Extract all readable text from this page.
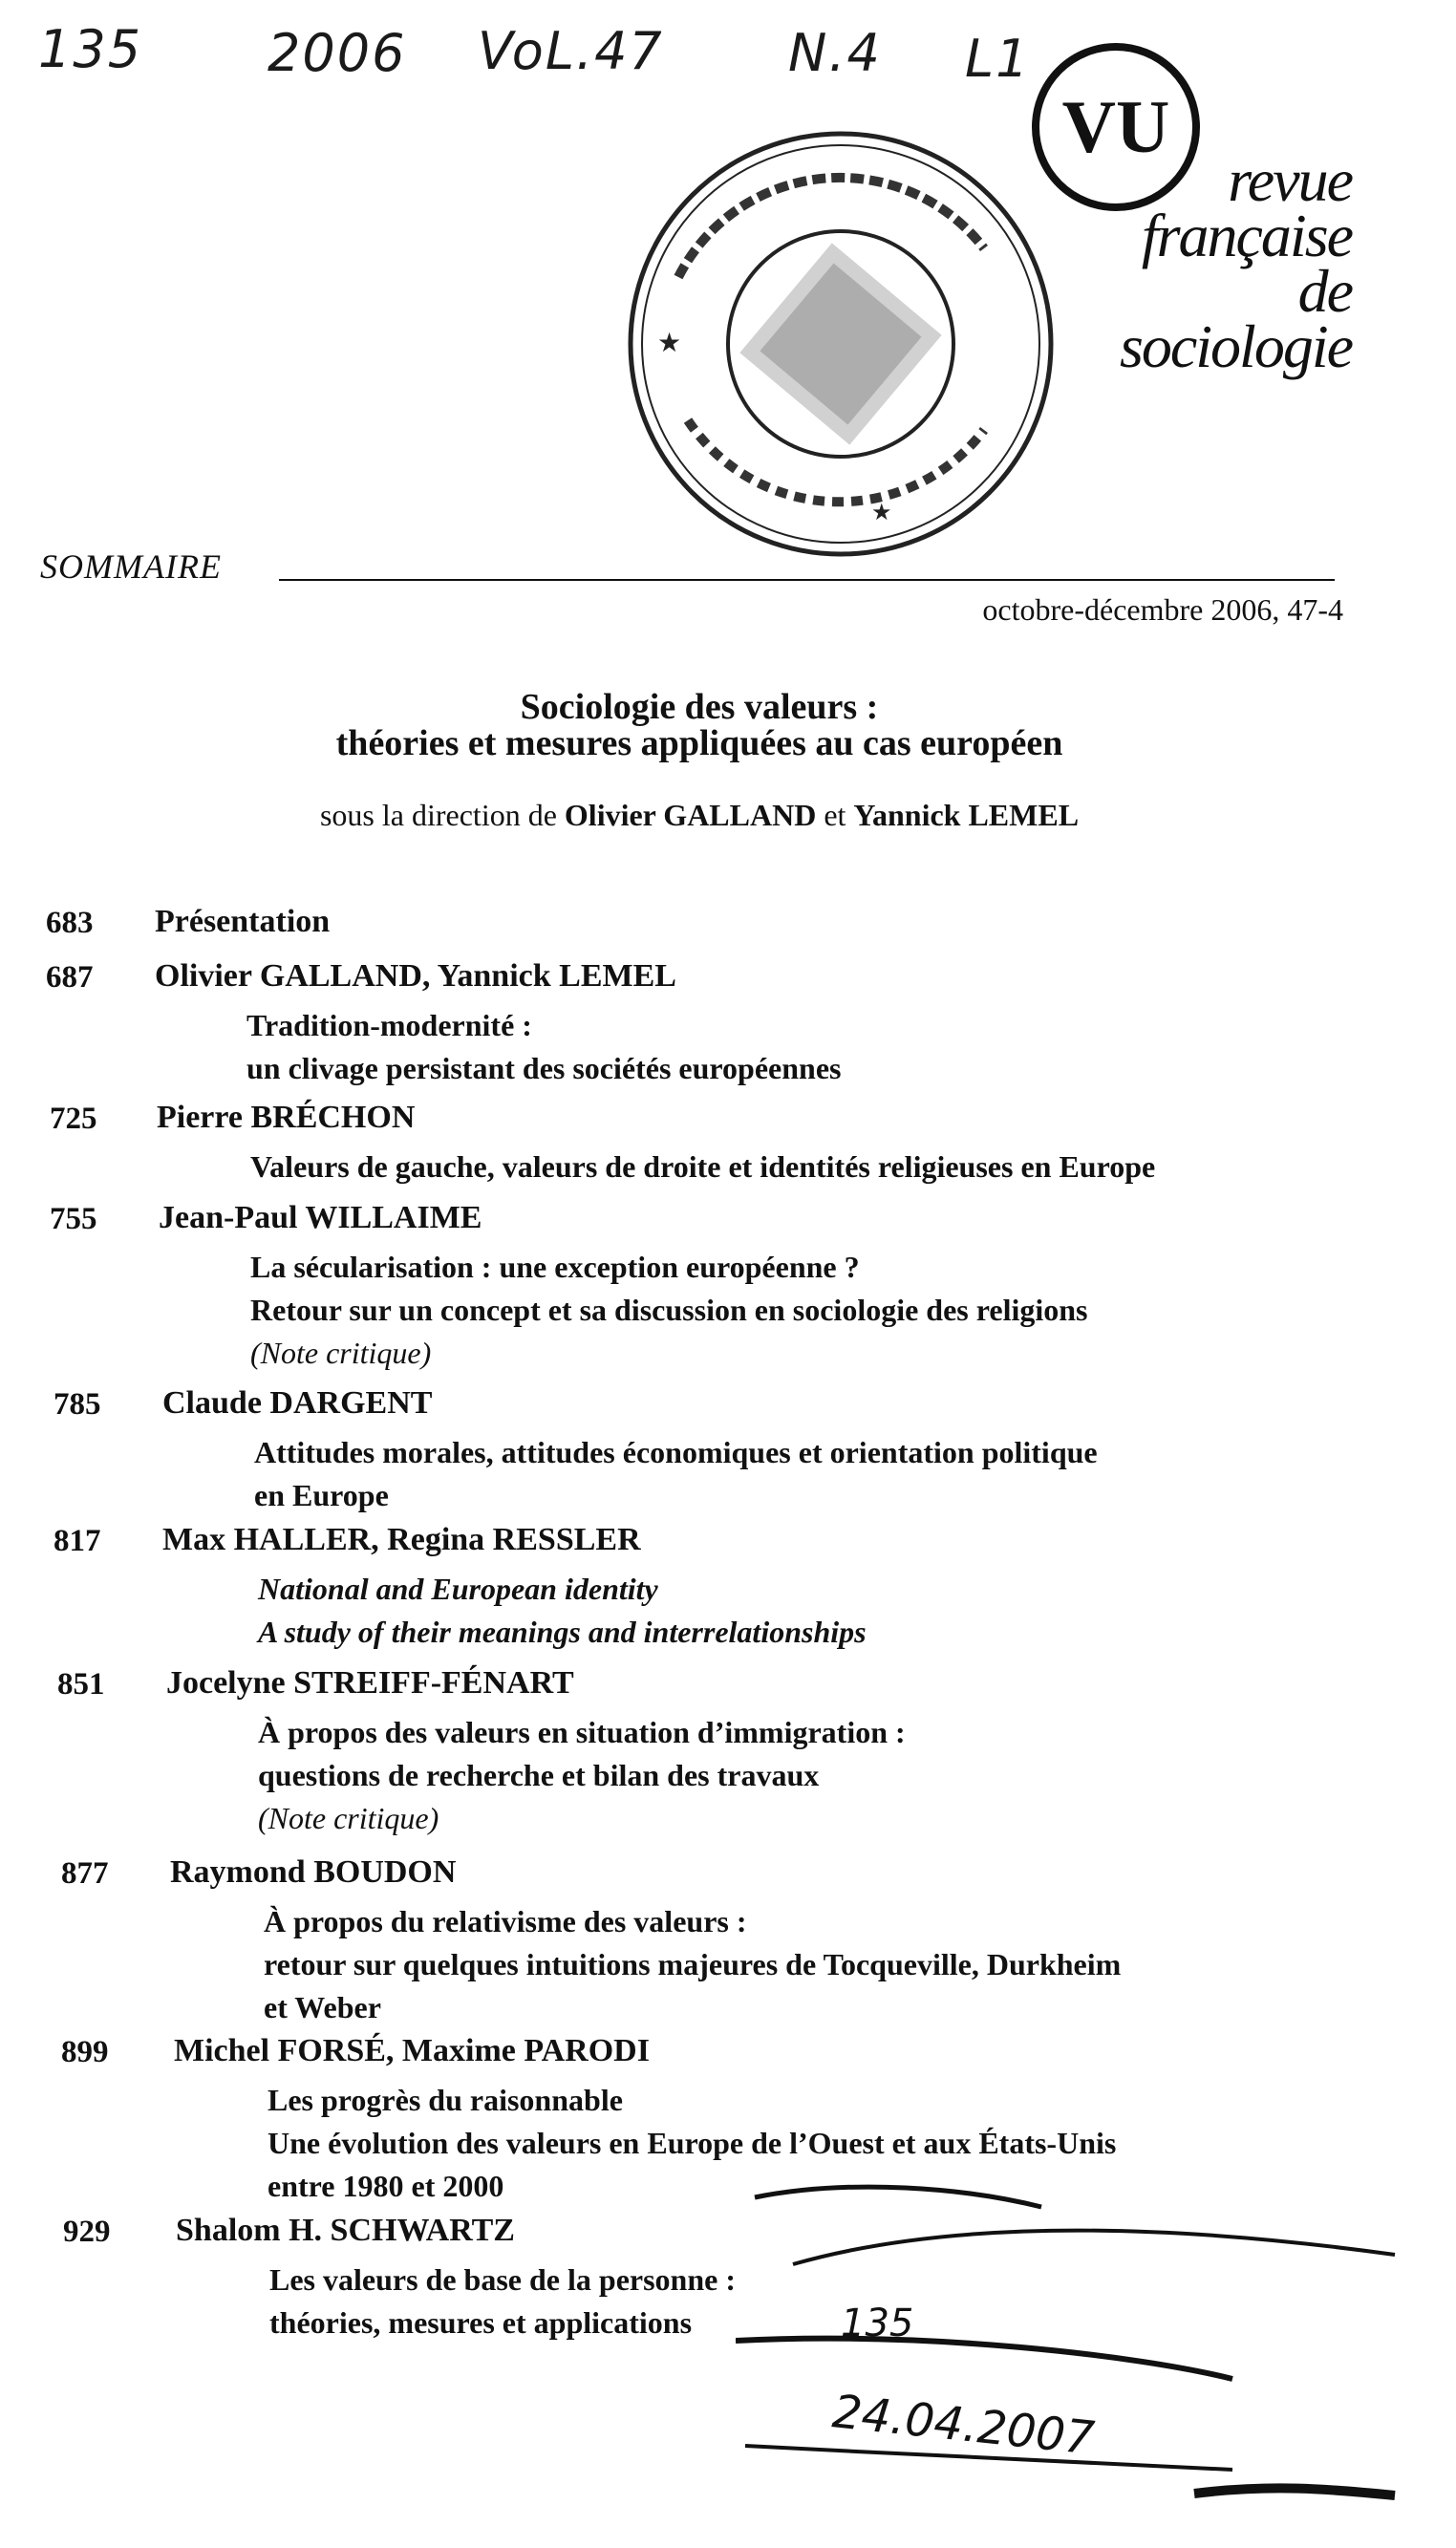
135 2006 VoL.47 N.4 L1
★
★
VU
revue
française
de
sociologie
SOMMAIRE
octobre-décembre 2006, 47-4
Sociologie des valeurs :
théories et mesures appliquées au cas européen
sous la direction de Olivier GALLAND et Yannick LEMEL
683 Présentation
687 Olivier GALLAND, Yannick LEMEL
Tradition-modernité :
un clivage persistant des sociétés européennes
725 Pierre BRÉCHON
Valeurs de gauche, valeurs de droite et identités religieuses en Europe
755 Jean-Paul WILLAIME
La sécularisation : une exception européenne ?
Retour sur un concept et sa discussion en sociologie des religions
(Note critique)
785 Claude DARGENT
Attitudes morales, attitudes économiques et orientation politique
en Europe
817 Max HALLER, Regina RESSLER
National and European identity
A study of their meanings and interrelationships
851 Jocelyne STREIFF-FÉNART
À propos des valeurs en situation d’immigration :
questions de recherche et bilan des travaux
(Note critique)
877 Raymond BOUDON
À propos du relativisme des valeurs :
retour sur quelques intuitions majeures de Tocqueville, Durkheim
et Weber
899 Michel FORSÉ, Maxime PARODI
Les progrès du raisonnable
Une évolution des valeurs en Europe de l’Ouest et aux États-Unis
entre 1980 et 2000
929 Shalom H. SCHWARTZ
Les valeurs de base de la personne :
théories, mesures et applications	135
24.04.2007
